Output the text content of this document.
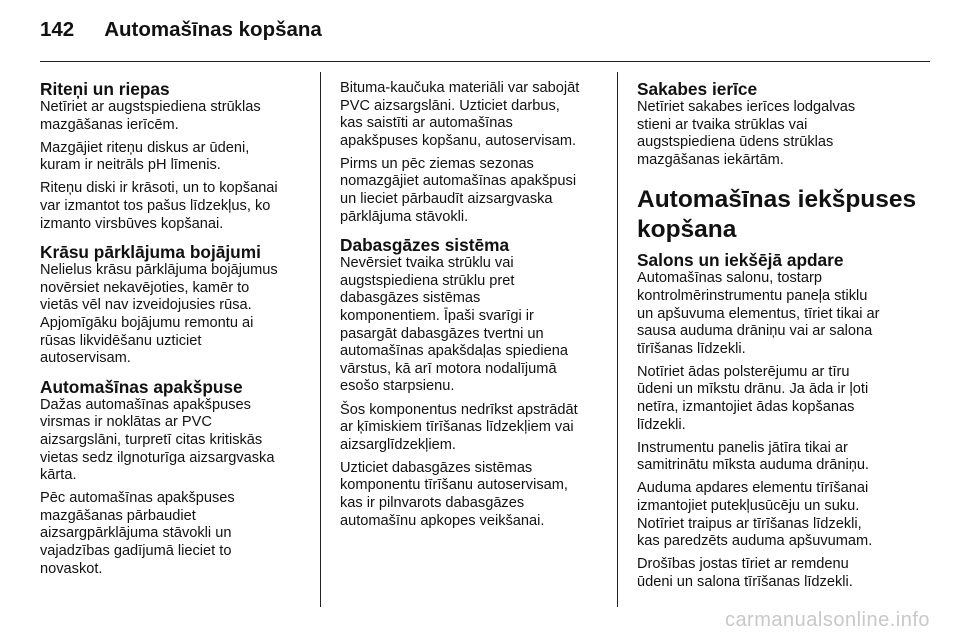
142 Automašīnas kopšana
Riteņi un riepas

Netīriet ar augstspiediena strūklas
mazgāšanas ierīcēm.

Mazgājiet riteņu diskus ar ūdeni,
kuram ir neitrāls pH līmenis.

Riteņu diski ir krāsoti, un to kopšanai
var izmantot tos pašus līdzekļus, ko
izmanto virsbūves kopšanai.

Krāsu pārklājuma bojājumi

Nelielus krāsu pārklājuma bojājumus
novērsiet nekavējoties, kamēr to
vietās vēl nav izveidojusies rūsa.
Apjomīgāku bojājumu remontu ai
rūsas likvidēšanu uzticiet
autoservisam.

Automašīnas apakšpuse

Dažas automašīnas apakšpuses
virsmas ir noklātas ar PVC
aizsargslāni, turpretī citas kritiskās
vietas sedz ilgnoturīga aizsargvaska
kārta.

Pēc automašīnas apakšpuses
mazgāšanas pārbaudiet
aizsargpārklājuma stāvokli un
vajadzības gadījumā lieciet to
novaskot.

Bituma-kaučuka materiāli var sabojāt
PVC aizsargslāni. Uzticiet darbus,
kas saistīti ar automašīnas
apakšpuses kopšanu, autoservisam.

Pirms un pēc ziemas sezonas
nomazgājiet automašīnas apakšpusi
un lieciet pārbaudīt aizsargvaska
pārklājuma stāvokli.

Dabasgāzes sistēma

Nevērsiet tvaika strūklu vai
augstspiediena strūklu pret
dabasgāzes sistēmas
komponentiem. Īpaši svarīgi ir
pasargāt dabasgāzes tvertni un
automašīnas apakšdaļas spiediena
vārstus, kā arī motora nodalījumā
esošo starpsienu.

Šos komponentus nedrīkst apstrādāt
ar ķīmiskiem tīrīšanas līdzekļiem vai
aizsarglīdzekļiem.

Uzticiet dabasgāzes sistēmas
komponentu tīrīšanu autoservisam,
kas ir pilnvarots dabasgāzes
automašīnu apkopes veikšanai.

Sakabes ierīce

Netīriet sakabes ierīces lodgalvas
stieni ar tvaika strūklas vai
augstspiediena ūdens strūklas
mazgāšanas iekārtām.

Automašīnas iekšpuses
kopšana
Salons un iekšējā apdare

Automašīnas salonu, tostarp
kontrolmērinstrumentu paneļa stiklu
un apšuvuma elementus, tīriet tikai ar
sausa auduma drāniņu vai ar salona
tīrīšanas līdzekli.

Notīriet ādas polsterējumu ar tīru
ūdeni un mīkstu drānu. Ja āda ir ļoti
netīra, izmantojiet ādas kopšanas
līdzekli.

Instrumentu panelis jātīra tikai ar
samitrinātu mīksta auduma drāniņu.

Auduma apdares elementu tīrīšanai
izmantojiet putekļusūcēju un suku.
Notīriet traipus ar tīrīšanas līdzekli,
kas paredzēts auduma apšuvumam.

Drošības jostas tīriet ar remdenu
ūdeni un salona tīrīšanas līdzekli.

carmanualsonline.info
